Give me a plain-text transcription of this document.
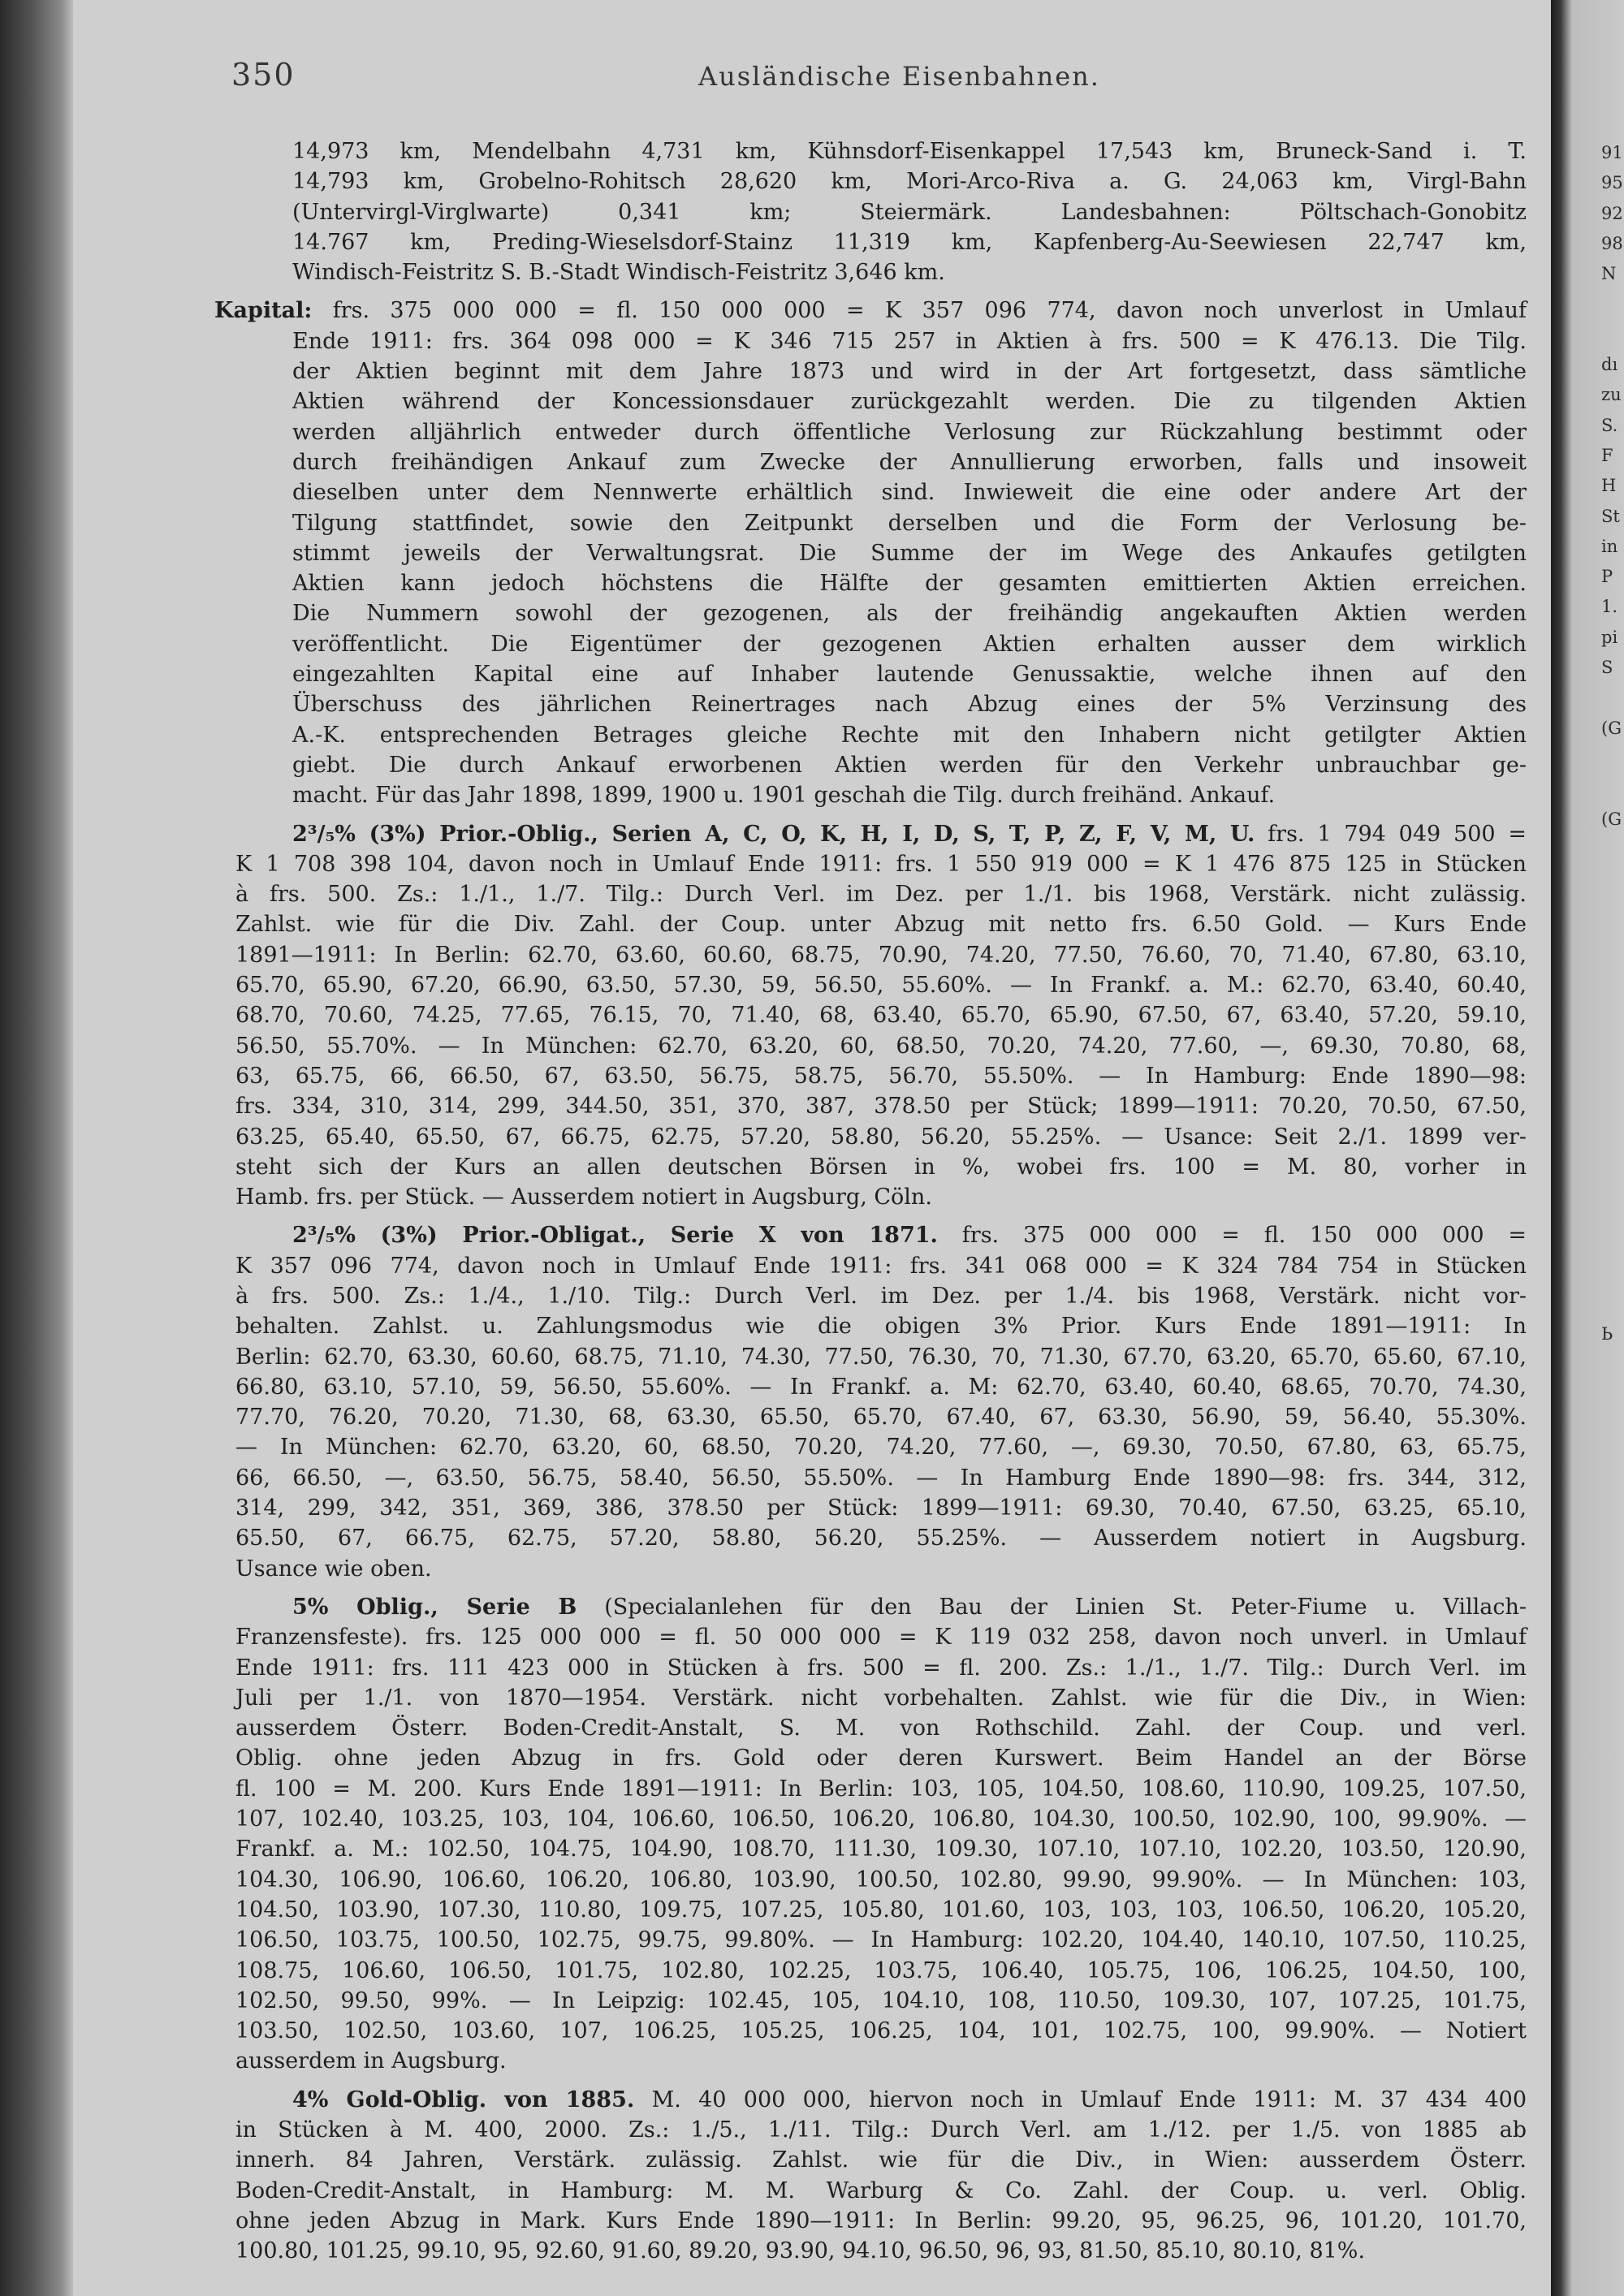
91
95
92
98
N

dı
zu
S.
F
H
St
in
P
1.
pi
S

(G

(G

Ь
350	Ausländische Eisenbahnen.
14,973 km, Mendelbahn 4,731 km, Kühnsdorf-Eisenkappel 17,543 km, Bruneck-Sand i. T.
14,793 km, Grobelno-Rohitsch 28,620 km, Mori-Arco-Riva a. G. 24,063 km, Virgl-Bahn
(Untervirgl-Virglwarte) 0,341 km; Steiermärk. Landesbahnen: Pöltschach-Gonobitz
14.767 km, Preding-Wieselsdorf-Stainz 11,319 km, Kapfenberg-Au-Seewiesen 22,747 km,
Windisch-Feistritz S. B.-Stadt Windisch-Feistritz 3,646 km.
Kapital: frs. 375 000 000 = fl. 150 000 000 = K 357 096 774, davon noch unverlost in Umlauf
Ende 1911: frs. 364 098 000 = K 346 715 257 in Aktien à frs. 500 = K 476.13. Die Tilg.
der Aktien beginnt mit dem Jahre 1873 und wird in der Art fortgesetzt, dass sämtliche
Aktien während der Koncessionsdauer zurückgezahlt werden. Die zu tilgenden Aktien
werden alljährlich entweder durch öffentliche Verlosung zur Rückzahlung bestimmt oder
durch freihändigen Ankauf zum Zwecke der Annullierung erworben, falls und insoweit
dieselben unter dem Nennwerte erhältlich sind. Inwieweit die eine oder andere Art der
Tilgung stattfindet, sowie den Zeitpunkt derselben und die Form der Verlosung be-
stimmt jeweils der Verwaltungsrat. Die Summe der im Wege des Ankaufes getilgten
Aktien kann jedoch höchstens die Hälfte der gesamten emittierten Aktien erreichen.
Die Nummern sowohl der gezogenen, als der freihändig angekauften Aktien werden
veröffentlicht. Die Eigentümer der gezogenen Aktien erhalten ausser dem wirklich
eingezahlten Kapital eine auf Inhaber lautende Genussaktie, welche ihnen auf den
Überschuss des jährlichen Reinertrages nach Abzug eines der 5% Verzinsung des
A.-K. entsprechenden Betrages gleiche Rechte mit den Inhabern nicht getilgter Aktien
giebt. Die durch Ankauf erworbenen Aktien werden für den Verkehr unbrauchbar ge-
macht. Für das Jahr 1898, 1899, 1900 u. 1901 geschah die Tilg. durch freihänd. Ankauf.
2³/₅% (3%) Prior.-Oblig., Serien A, C, O, K, H, I, D, S, T, P, Z, F, V, M, U. frs. 1 794 049 500 =
K 1 708 398 104, davon noch in Umlauf Ende 1911: frs. 1 550 919 000 = K 1 476 875 125 in Stücken
à frs. 500. Zs.: 1./1., 1./7. Tilg.: Durch Verl. im Dez. per 1./1. bis 1968, Verstärk. nicht zulässig.
Zahlst. wie für die Div. Zahl. der Coup. unter Abzug mit netto frs. 6.50 Gold. — Kurs Ende
1891—1911: In Berlin: 62.70, 63.60, 60.60, 68.75, 70.90, 74.20, 77.50, 76.60, 70, 71.40, 67.80, 63.10,
65.70, 65.90, 67.20, 66.90, 63.50, 57.30, 59, 56.50, 55.60%. — In Frankf. a. M.: 62.70, 63.40, 60.40,
68.70, 70.60, 74.25, 77.65, 76.15, 70, 71.40, 68, 63.40, 65.70, 65.90, 67.50, 67, 63.40, 57.20, 59.10,
56.50, 55.70%. — In München: 62.70, 63.20, 60, 68.50, 70.20, 74.20, 77.60, —, 69.30, 70.80, 68,
63, 65.75, 66, 66.50, 67, 63.50, 56.75, 58.75, 56.70, 55.50%. — In Hamburg: Ende 1890—98:
frs. 334, 310, 314, 299, 344.50, 351, 370, 387, 378.50 per Stück; 1899—1911: 70.20, 70.50, 67.50,
63.25, 65.40, 65.50, 67, 66.75, 62.75, 57.20, 58.80, 56.20, 55.25%. — Usance: Seit 2./1. 1899 ver-
steht sich der Kurs an allen deutschen Börsen in %, wobei frs. 100 = M. 80, vorher in
Hamb. frs. per Stück. — Ausserdem notiert in Augsburg, Cöln.
2³/₅% (3%) Prior.-Obligat., Serie X von 1871. frs. 375 000 000 = fl. 150 000 000 =
K 357 096 774, davon noch in Umlauf Ende 1911: frs. 341 068 000 = K 324 784 754 in Stücken
à frs. 500. Zs.: 1./4., 1./10. Tilg.: Durch Verl. im Dez. per 1./4. bis 1968, Verstärk. nicht vor-
behalten. Zahlst. u. Zahlungsmodus wie die obigen 3% Prior. Kurs Ende 1891—1911: In
Berlin: 62.70, 63.30, 60.60, 68.75, 71.10, 74.30, 77.50, 76.30, 70, 71.30, 67.70, 63.20, 65.70, 65.60, 67.10,
66.80, 63.10, 57.10, 59, 56.50, 55.60%. — In Frankf. a. M: 62.70, 63.40, 60.40, 68.65, 70.70, 74.30,
77.70, 76.20, 70.20, 71.30, 68, 63.30, 65.50, 65.70, 67.40, 67, 63.30, 56.90, 59, 56.40, 55.30%.
— In München: 62.70, 63.20, 60, 68.50, 70.20, 74.20, 77.60, —, 69.30, 70.50, 67.80, 63, 65.75,
66, 66.50, —, 63.50, 56.75, 58.40, 56.50, 55.50%. — In Hamburg Ende 1890—98: frs. 344, 312,
314, 299, 342, 351, 369, 386, 378.50 per Stück: 1899—1911: 69.30, 70.40, 67.50, 63.25, 65.10,
65.50, 67, 66.75, 62.75, 57.20, 58.80, 56.20, 55.25%. — Ausserdem notiert in Augsburg.
Usance wie oben.
5% Oblig., Serie B (Specialanlehen für den Bau der Linien St. Peter-Fiume u. Villach-
Franzensfeste). frs. 125 000 000 = fl. 50 000 000 = K 119 032 258, davon noch unverl. in Umlauf
Ende 1911: frs. 111 423 000 in Stücken à frs. 500 = fl. 200. Zs.: 1./1., 1./7. Tilg.: Durch Verl. im
Juli per 1./1. von 1870—1954. Verstärk. nicht vorbehalten. Zahlst. wie für die Div., in Wien:
ausserdem Österr. Boden-Credit-Anstalt, S. M. von Rothschild. Zahl. der Coup. und verl.
Oblig. ohne jeden Abzug in frs. Gold oder deren Kurswert. Beim Handel an der Börse
fl. 100 = M. 200. Kurs Ende 1891—1911: In Berlin: 103, 105, 104.50, 108.60, 110.90, 109.25, 107.50,
107, 102.40, 103.25, 103, 104, 106.60, 106.50, 106.20, 106.80, 104.30, 100.50, 102.90, 100, 99.90%. —
Frankf. a. M.: 102.50, 104.75, 104.90, 108.70, 111.30, 109.30, 107.10, 107.10, 102.20, 103.50, 120.90,
104.30, 106.90, 106.60, 106.20, 106.80, 103.90, 100.50, 102.80, 99.90, 99.90%. — In München: 103,
104.50, 103.90, 107.30, 110.80, 109.75, 107.25, 105.80, 101.60, 103, 103, 103, 106.50, 106.20, 105.20,
106.50, 103.75, 100.50, 102.75, 99.75, 99.80%. — In Hamburg: 102.20, 104.40, 140.10, 107.50, 110.25,
108.75, 106.60, 106.50, 101.75, 102.80, 102.25, 103.75, 106.40, 105.75, 106, 106.25, 104.50, 100,
102.50, 99.50, 99%. — In Leipzig: 102.45, 105, 104.10, 108, 110.50, 109.30, 107, 107.25, 101.75,
103.50, 102.50, 103.60, 107, 106.25, 105.25, 106.25, 104, 101, 102.75, 100, 99.90%. — Notiert
ausserdem in Augsburg.
4% Gold-Oblig. von 1885. M. 40 000 000, hiervon noch in Umlauf Ende 1911: M. 37 434 400
in Stücken à M. 400, 2000. Zs.: 1./5., 1./11. Tilg.: Durch Verl. am 1./12. per 1./5. von 1885 ab
innerh. 84 Jahren, Verstärk. zulässig. Zahlst. wie für die Div., in Wien: ausserdem Österr.
Boden-Credit-Anstalt, in Hamburg: M. M. Warburg & Co. Zahl. der Coup. u. verl. Oblig.
ohne jeden Abzug in Mark. Kurs Ende 1890—1911: In Berlin: 99.20, 95, 96.25, 96, 101.20, 101.70,
100.80, 101.25, 99.10, 95, 92.60, 91.60, 89.20, 93.90, 94.10, 96.50, 96, 93, 81.50, 85.10, 80.10, 81%.
